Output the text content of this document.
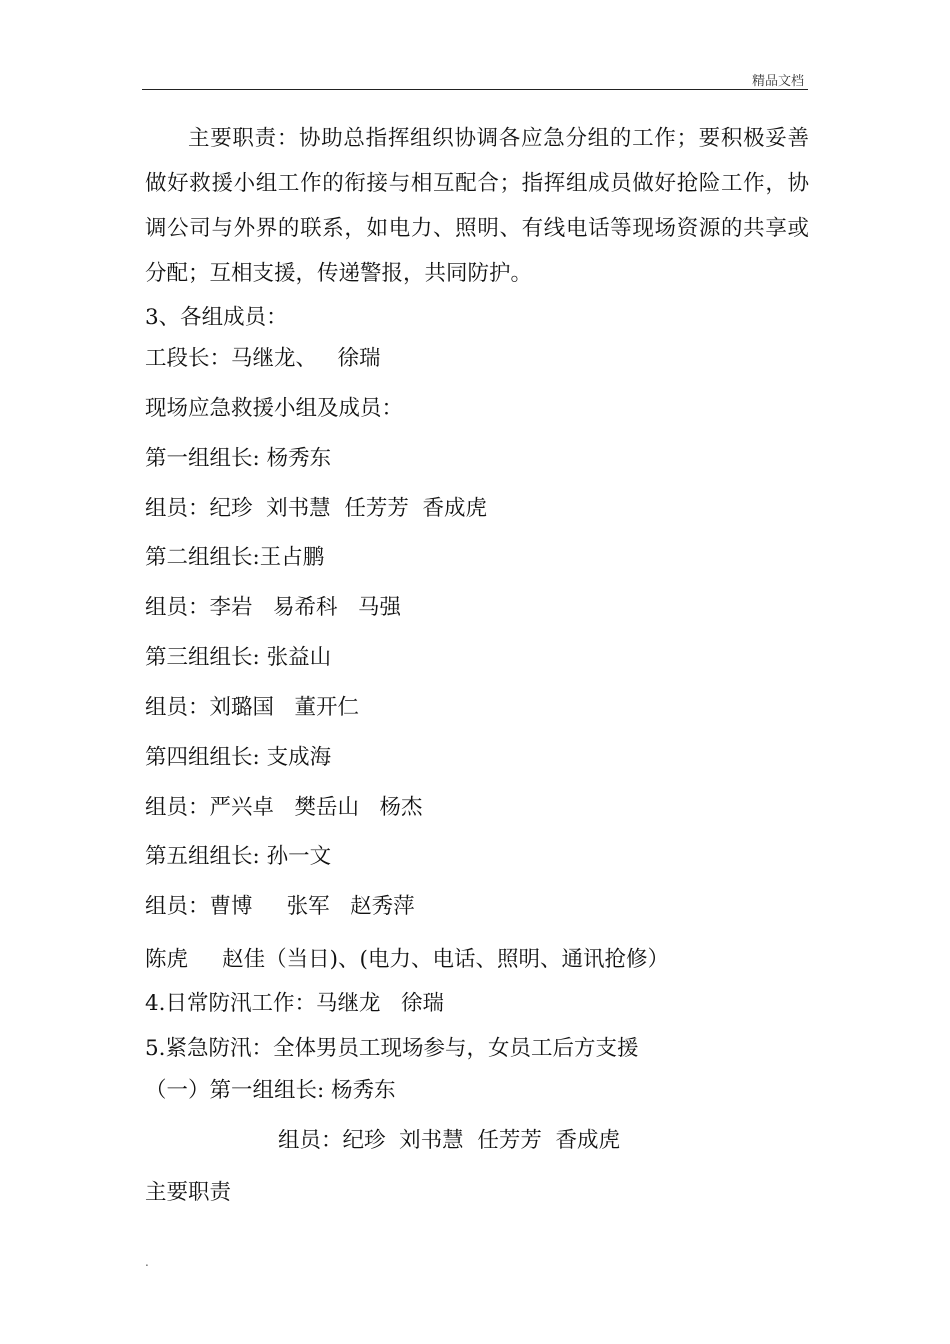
精品文档

主要职责：协助总指挥组织协调各应急分组的工作；要积极妥善做好救援小组工作的衔接与相互配合；指挥组成员做好抢险工作，协调公司与外界的联系，如电力、照明、有线电话等现场资源的共享或分配；互相支援，传递警报，共同防护。

3、各组成员：
工段长：马继龙、   徐瑞
现场应急救援小组及成员：
第一组组长: 杨秀东
组员：纪珍  刘书慧  任芳芳  香成虎
第二组组长:王占鹏
组员：李岩   易希科   马强
第三组组长: 张益山
组员：刘璐国   董开仁
第四组组长: 支成海
组员：严兴卓   樊岳山   杨杰
第五组组长: 孙一文
组员：曹博     张军   赵秀萍
陈虎     赵佳（当日)、(电力、电话、照明、通讯抢修）
4.日常防汛工作：马继龙   徐瑞
5.紧急防汛：全体男员工现场参与，女员工后方支援
（一）第一组组长: 杨秀东
组员：纪珍  刘书慧  任芳芳  香成虎
主要职责
.
